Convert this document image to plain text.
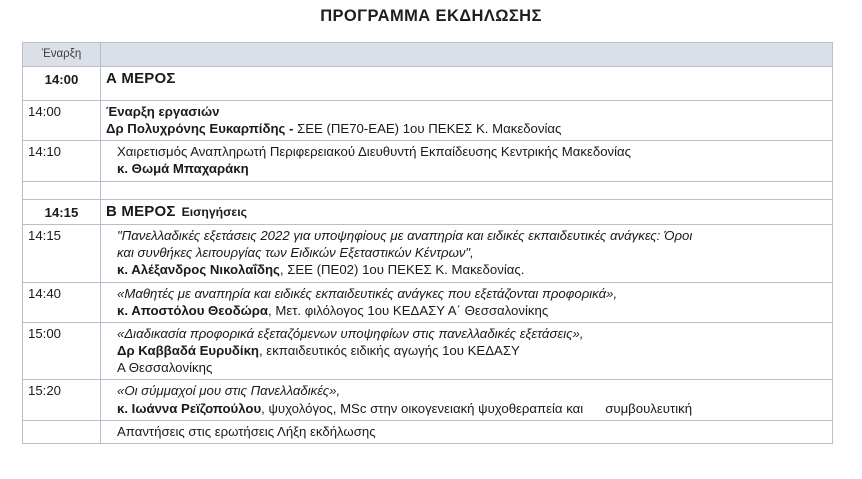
ΠΡΟΓΡΑΜΜΑ ΕΚΔΗΛΩΣΗΣ
Έναρξη	
14:00	Α ΜΕΡΟΣ
14:00	Έναρξη εργασιών
Δρ Πολυχρόνης Ευκαρπίδης - ΣΕΕ (ΠΕ70-ΕΑΕ) 1ου ΠΕΚΕΣ Κ. Μακεδονίας

14:10	Χαιρετισμός Αναπληρωτή Περιφερειακού Διευθυντή Εκπαίδευσης Κεντρικής Μακεδονίας
κ. Θωμά Μπαχαράκη

14:15	Β ΜΕΡΟΣ Εισηγήσεις
14:15	"Πανελλαδικές εξετάσεις 2022 για υποψηφίους με αναπηρία και ειδικές εκπαιδευτικές ανάγκες: Όροι
και συνθήκες λειτουργίας των Ειδικών Εξεταστικών Κέντρων",
κ. Αλέξανδρος Νικολαΐδης, ΣΕΕ (ΠΕ02) 1ου ΠΕΚΕΣ Κ. Μακεδονίας.

14:40	«Μαθητές με αναπηρία και ειδικές εκπαιδευτικές ανάγκες που εξετάζονται προφορικά»,
κ. Αποστόλου Θεοδώρα, Μετ. φιλόλογος 1ου ΚΕΔΑΣΥ Α΄ Θεσσαλονίκης

15:00	«Διαδικασία προφορικά εξεταζόμενων υποψηφίων στις πανελλαδικές εξετάσεις»,
Δρ Καββαδά Ευρυδίκη, εκπαιδευτικός ειδικής αγωγής 1ου ΚΕΔΑΣΥ
Α Θεσσαλονίκης

15:20	«Οι σύμμαχοί μου στις Πανελλαδικές»,
κ. Ιωάννα Ρεϊζοπούλου, ψυχολόγος, MSc στην οικογενειακή ψυχοθεραπεία και συμβουλευτική

	Απαντήσεις στις ερωτήσεις Λήξη εκδήλωσης
